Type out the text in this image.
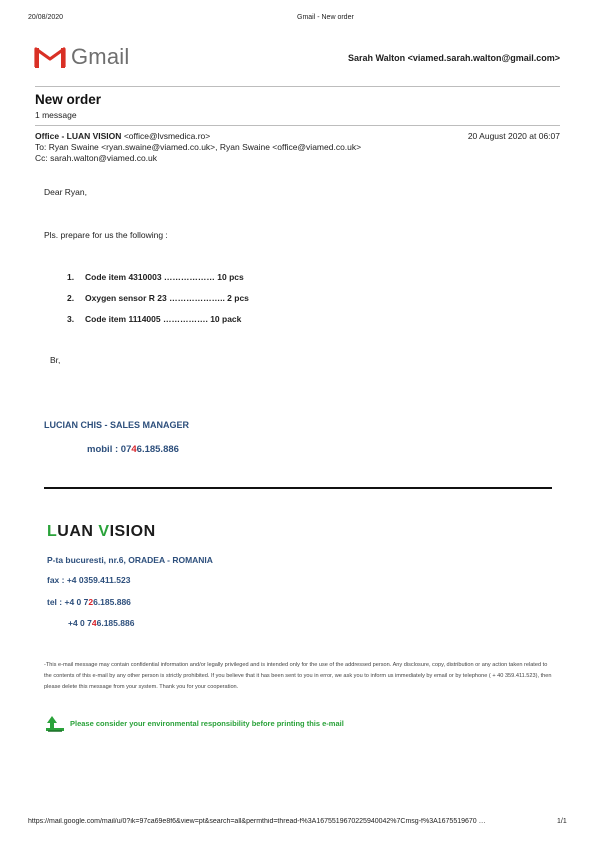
20/08/2020	Gmail - New order
Gmail	Sarah Walton <viamed.sarah.walton@gmail.com>
New order
1 message
Office - LUAN VISION <office@lvsmedica.ro>	20 August 2020 at 06:07
To: Ryan Swaine <ryan.swaine@viamed.co.uk>, Ryan Swaine <office@viamed.co.uk>
Cc: sarah.walton@viamed.co.uk
Dear Ryan,
Pls. prepare for us the following :
1. Code item 4310003 ……………… 10 pcs
2. Oxygen sensor R 23 ……………….. 2 pcs
3. Code item 1114005 ……………. 10 pack
Br,
LUCIAN CHIS - SALES MANAGER
mobil : 0746.185.886
LUAN VISION
P-ta bucuresti, nr.6, ORADEA - ROMANIA
fax : +4 0359.411.523
tel : +4 0 726.185.886
+4 0 746.185.886
-This e-mail message may contain confidential information and/or legally privileged and is intended only for the use of the addressed person. Any disclosure, copy, distribution or any action taken related to the contents of this e-mail by any other person is strictly prohibited. If you believe that it has been sent to you in error, we ask you to inform us immediately by email or by telephone ( + 40 359.411.523), then please delete this message from your system. Thank you for your cooperation.
Please consider your environmental responsibility before printing this e-mail
https://mail.google.com/mail/u/0?ik=97ca69e8f6&view=pt&search=all&permthid=thread-f%3A1675519670225940042%7Cmsg-f%3A1675519670 …	1/1
